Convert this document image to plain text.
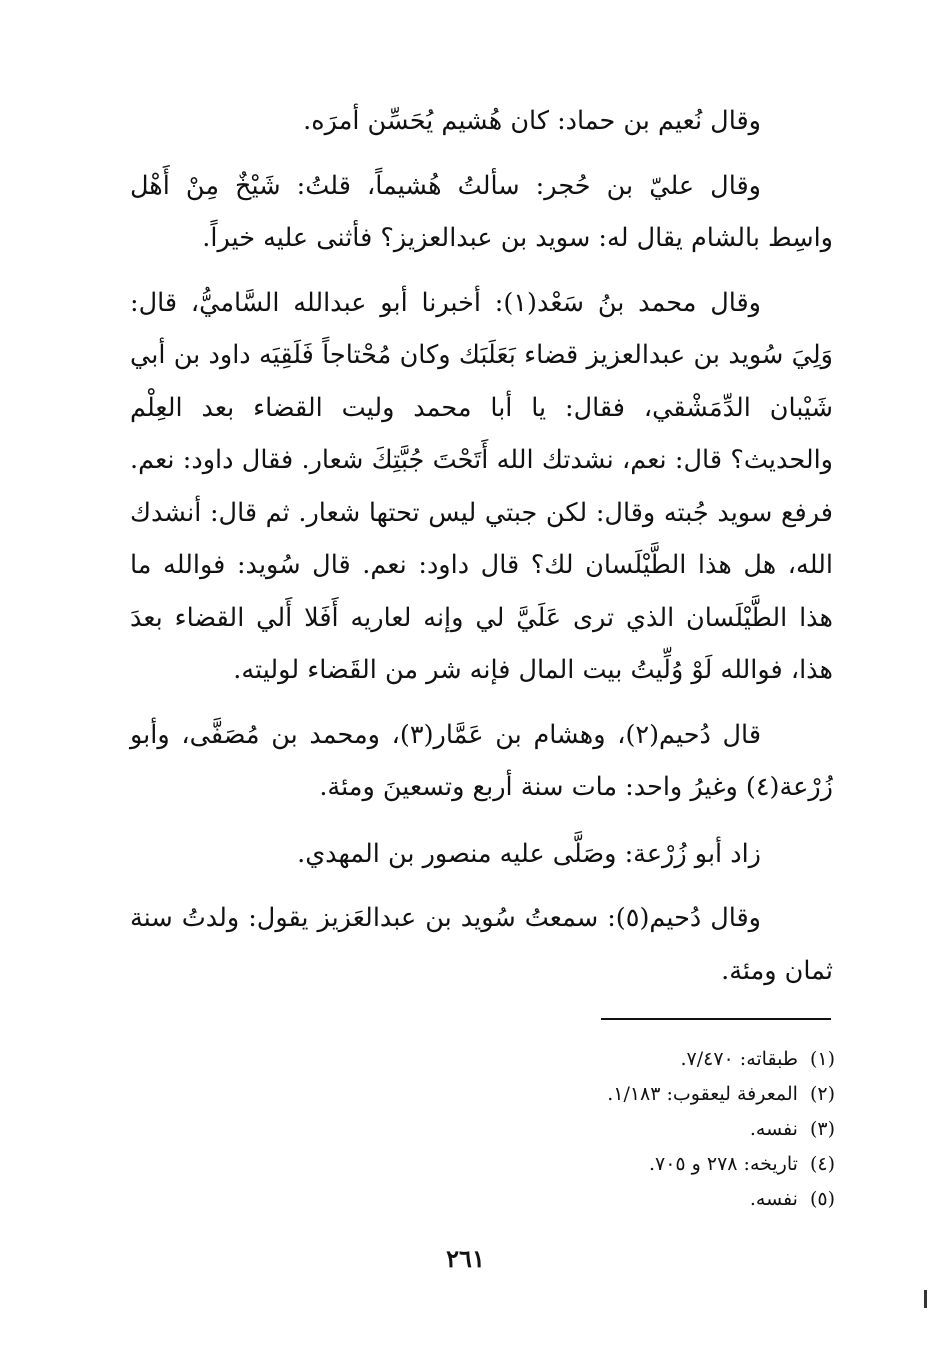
وقال نُعيم بن حماد: كان هُشيم يُحَسِّن أمرَه.

وقال عليّ بن حُجر: سألتُ هُشيماً، قلتُ: شَيْخٌ مِنْ أَهْل واسِط بالشام يقال له: سويد بن عبدالعزيز؟ فأثنى عليه خيراً.

وقال محمد بنُ سَعْد(١): أخبرنا أبو عبدالله السَّاميُّ، قال: وَلِيَ سُويد بن عبدالعزيز قضاء بَعَلَبَك وكان مُحْتاجاً فَلَقِيَه داود بن أبي شَيْبان الدِّمَشْقي، فقال: يا أبا محمد وليت القضاء بعد العِلْم والحديث؟ قال: نعم، نشدتك الله أَتَحْتَ جُبَّتِكَ شعار. فقال داود: نعم. فرفع سويد جُبته وقال: لكن جبتي ليس تحتها شعار. ثم قال: أنشدك الله، هل هذا الطَّيْلَسان لك؟ قال داود: نعم. قال سُويد: فوالله ما هذا الطَّيْلَسان الذي ترى عَلَيَّ لي وإنه لعاريه أَفَلا أَلي القضاء بعدَ هذا، فوالله لَوْ وُلِّيتُ بيت المال فإنه شر من القَضاء لوليته.

قال دُحيم(٢)، وهشام بن عَمَّار(٣)، ومحمد بن مُصَفَّى، وأبو زُرْعة(٤) وغيرُ واحد: مات سنة أربع وتسعينَ ومئة.

زاد أبو زُرْعة: وصَلَّى عليه منصور بن المهدي.

وقال دُحيم(٥): سمعتُ سُويد بن عبدالعَزيز يقول: ولدتُ سنة ثمان ومئة.

(١)طبقاته: ٧/٤٧٠.
(٢)المعرفة ليعقوب: ١/١٨٣.
(٣)نفسه.
(٤)تاريخه: ٢٧٨ و ٧٠٥.
(٥)نفسه.
٢٦١
